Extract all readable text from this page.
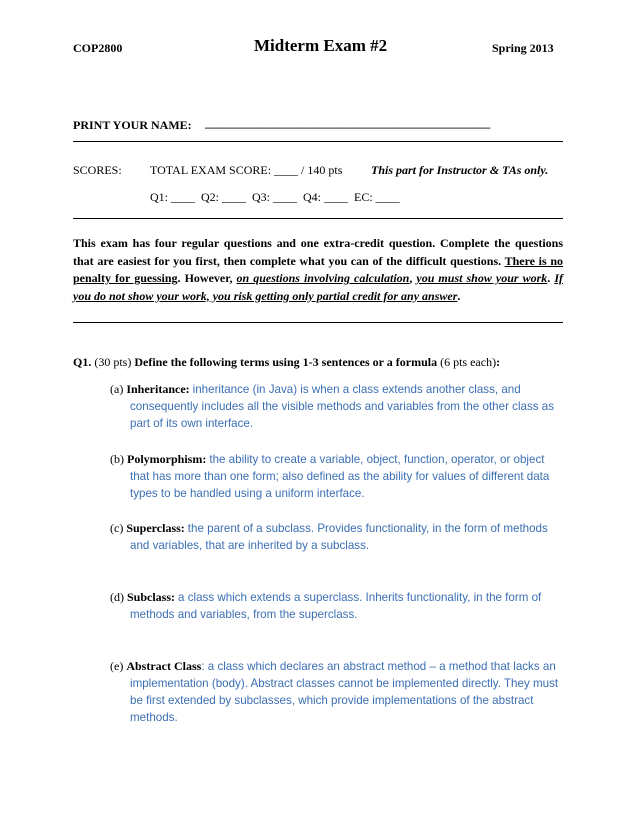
COP2800	Midterm Exam #2	Spring 2013
PRINT YOUR NAME: __________________________________________________
SCORES: TOTAL EXAM SCORE: ____ / 140 pts This part for Instructor & TAs only.
Q1: ____  Q2: ____  Q3: ____  Q4: ____  EC: ____
This exam has four regular questions and one extra-credit question. Complete the questions that are easiest for you first, then complete what you can of the difficult questions. There is no penalty for guessing. However, on questions involving calculation, you must show your work. If you do not show your work, you risk getting only partial credit for any answer.
Q1. (30 pts) Define the following terms using 1-3 sentences or a formula (6 pts each):
(a) Inheritance: inheritance (in Java) is when a class extends another class, and consequently includes all the visible methods and variables from the other class as part of its own interface.
(b) Polymorphism: the ability to create a variable, object, function, operator, or object that has more than one form; also defined as the ability for values of different data types to be handled using a uniform interface.
(c) Superclass: the parent of a subclass. Provides functionality, in the form of methods and variables, that are inherited by a subclass.
(d) Subclass: a class which extends a superclass. Inherits functionality, in the form of methods and variables, from the superclass.
(e) Abstract Class: a class which declares an abstract method – a method that lacks an implementation (body). Abstract classes cannot be implemented directly. They must be first extended by subclasses, which provide implementations of the abstract methods.
